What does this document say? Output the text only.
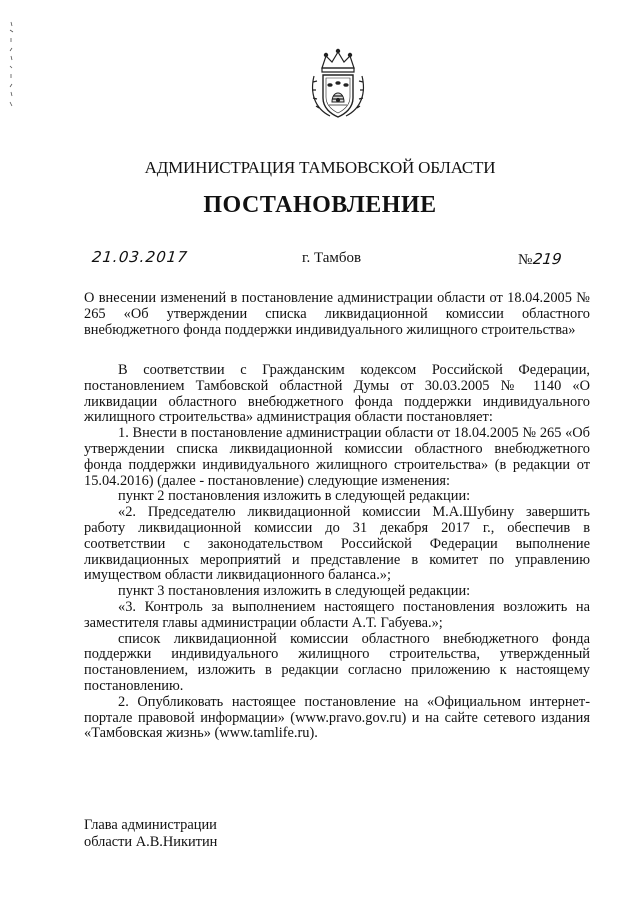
АДМИНИСТРАЦИЯ ТАМБОВСКОЙ ОБЛАСТИ
ПОСТАНОВЛЕНИЕ
21.03.2017	г. Тамбов	№219
О внесении изменений в постановление администрации области от 18.04.2005 № 265 «Об утверждении списка ликвидационной комиссии областного внебюджетного фонда поддержки индивидуального жилищного строительства»

В соответствии с Гражданским кодексом Российской Федерации, постановлением Тамбовской областной Думы от 30.03.2005 № 1140 «О ликвидации областного внебюджетного фонда поддержки индивидуального жилищного строительства» администрация области постановляет:

1. Внести в постановление администрации области от 18.04.2005 № 265 «Об утверждении списка ликвидационной комиссии областного внебюджетного фонда поддержки индивидуального жилищного строительства» (в редакции от 15.04.2016) (далее - постановление) следующие изменения:

пункт 2 постановления изложить в следующей редакции:

«2. Председателю ликвидационной комиссии М.А.Шубину завершить работу ликвидационной комиссии до 31 декабря 2017 г., обеспечив в соответствии с законодательством Российской Федерации выполнение ликвидационных мероприятий и представление в комитет по управлению имуществом области ликвидационного баланса.»;

пункт 3 постановления изложить в следующей редакции:

«3. Контроль за выполнением настоящего постановления возложить на заместителя главы администрации области А.Т. Габуева.»;

список ликвидационной комиссии областного внебюджетного фонда поддержки индивидуального жилищного строительства, утвержденный постановлением, изложить в редакции согласно приложению к настоящему постановлению.

2. Опубликовать настоящее постановление на «Официальном интернет-портале правовой информации» (www.pravo.gov.ru) и на сайте сетевого издания «Тамбовская жизнь» (www.tamlife.ru).

Глава администрации
области А.В.Никитин
